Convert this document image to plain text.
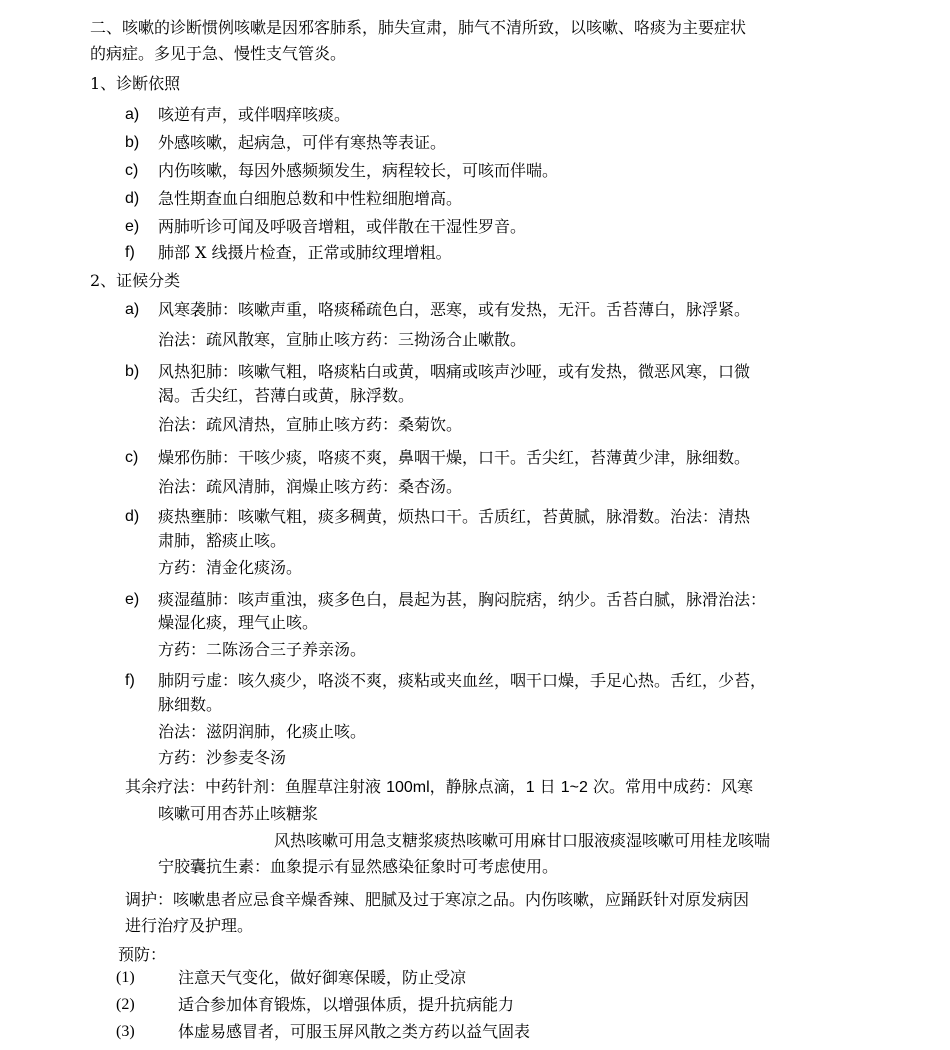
二、咳嗽的诊断惯例咳嗽是因邪客肺系，肺失宣肃，肺气不清所致，以咳嗽、咯痰为主要症状
的病症。多见于急、慢性支气管炎。
1、诊断依照
a) 咳逆有声，或伴咽痒咳痰。
b) 外感咳嗽，起病急，可伴有寒热等表证。
c) 内伤咳嗽，每因外感频频发生，病程较长，可咳而伴喘。
d) 急性期查血白细胞总数和中性粒细胞增高。
e) 两肺听诊可闻及呼吸音增粗，或伴散在干湿性罗音。
f) 肺部 X 线摄片检查，正常或肺纹理增粗。
2、证候分类
a) 风寒袭肺：咳嗽声重，咯痰稀疏色白，恶寒，或有发热，无汗。舌苔薄白，脉浮紧。
治法：疏风散寒，宣肺止咳方药：三拗汤合止嗽散。
b) 风热犯肺：咳嗽气粗，咯痰粘白或黄，咽痛或咳声沙哑，或有发热，微恶风寒，口微
渴。舌尖红，苔薄白或黄，脉浮数。
治法：疏风清热，宣肺止咳方药：桑菊饮。
c) 燥邪伤肺：干咳少痰，咯痰不爽，鼻咽干燥，口干。舌尖红，苔薄黄少津，脉细数。
治法：疏风清肺，润燥止咳方药：桑杏汤。
d) 痰热壅肺：咳嗽气粗，痰多稠黄，烦热口干。舌质红，苔黄腻，脉滑数。治法：清热
肃肺，豁痰止咳。
方药：清金化痰汤。
e) 痰湿蕴肺：咳声重浊，痰多色白，晨起为甚，胸闷脘痞，纳少。舌苔白腻，脉滑治法：
燥湿化痰，理气止咳。
方药：二陈汤合三子养亲汤。
f) 肺阴亏虚：咳久痰少，咯淡不爽，痰粘或夹血丝，咽干口燥，手足心热。舌红，少苔，
脉细数。
治法：滋阴润肺，化痰止咳。
方药：沙参麦冬汤
其余疗法：中药针剂：鱼腥草注射液 100ml，静脉点滴，1 日 1~2 次。常用中成药：风寒
咳嗽可用杏苏止咳糖浆
风热咳嗽可用急支糖浆痰热咳嗽可用麻甘口服液痰湿咳嗽可用桂龙咳喘
宁胶囊抗生素：血象提示有显然感染征象时可考虑使用。
调护：咳嗽患者应忌食辛燥香辣、肥腻及过于寒凉之品。内伤咳嗽，应踊跃针对原发病因
进行治疗及护理。
预防：
(1)	注意天气变化，做好御寒保暖，防止受凉
(2)	适合参加体育锻炼，以增强体质，提升抗病能力
(3)	体虚易感冒者，可服玉屏风散之类方药以益气固表
